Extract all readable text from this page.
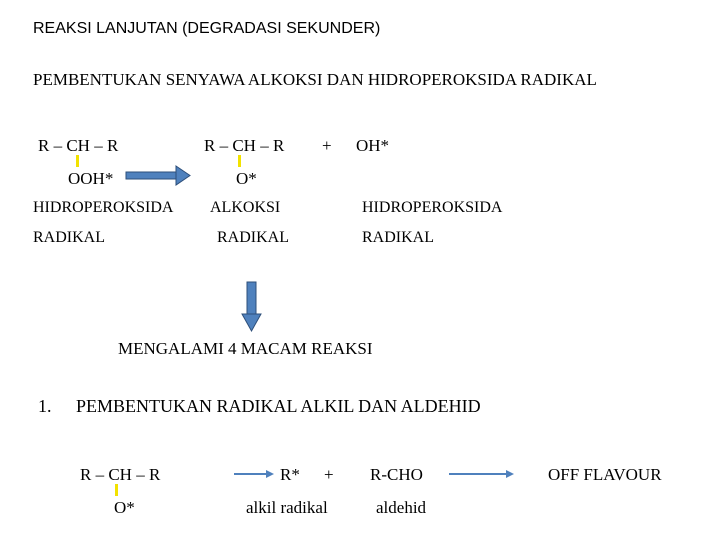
REAKSI LANJUTAN (DEGRADASI SEKUNDER)
PEMBENTUKAN SENYAWA ALKOKSI DAN HIDROPEROKSIDA RADIKAL
R – CH – R
OOH*
R – CH – R
O*
+ OH*
HIDROPEROKSIDA
RADIKAL
ALKOKSI
RADIKAL
HIDROPEROKSIDA
RADIKAL
MENGALAMI 4 MACAM REAKSI
1. PEMBENTUKAN RADIKAL ALKIL DAN ALDEHID
R – CH – R
O*
R* + R-CHO	OFF FLAVOUR
alkil radikal	aldehid
